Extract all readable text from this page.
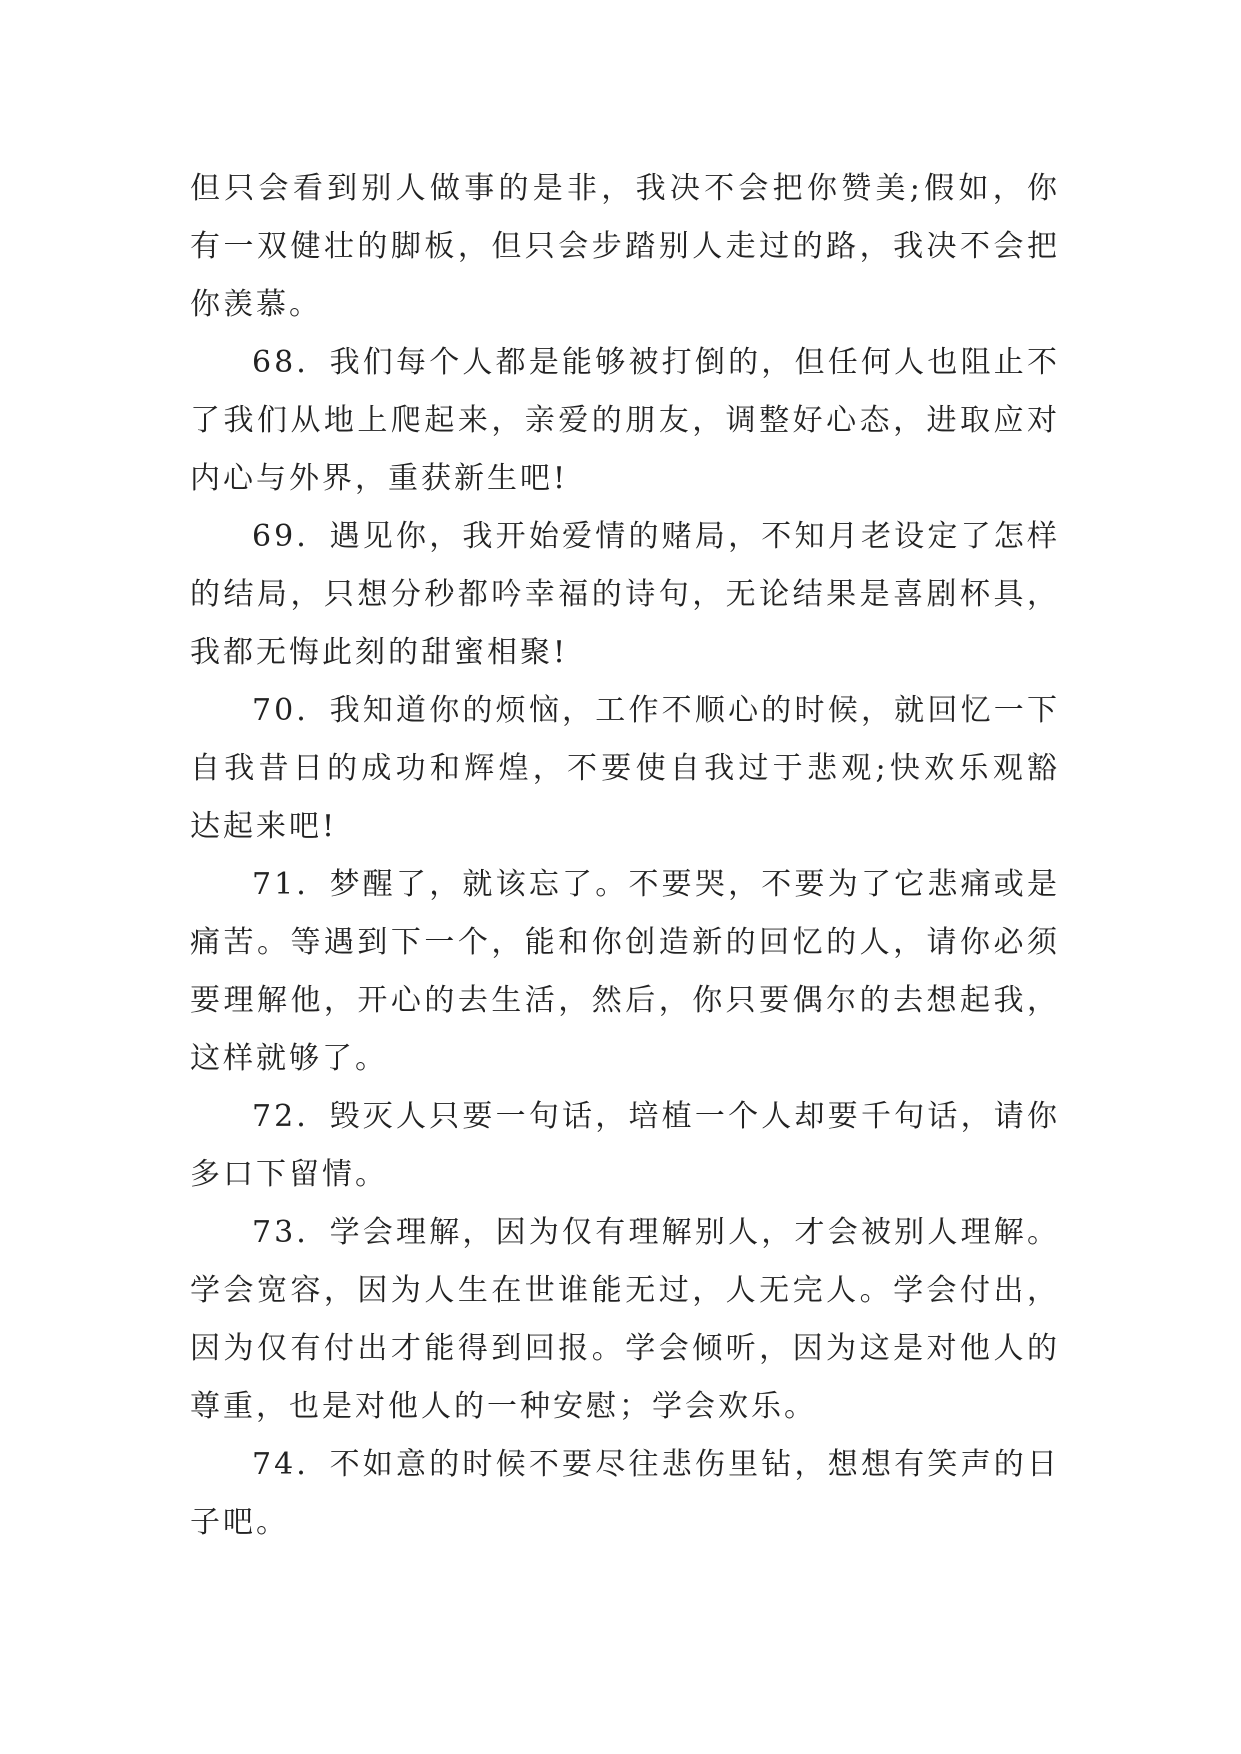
但只会看到别人做事的是非，我决不会把你赞美;假如，你有一双健壮的脚板，但只会步踏别人走过的路，我决不会把你羡慕。

68．我们每个人都是能够被打倒的，但任何人也阻止不了我们从地上爬起来，亲爱的朋友，调整好心态，进取应对内心与外界，重获新生吧!

69．遇见你，我开始爱情的赌局，不知月老设定了怎样的结局，只想分秒都吟幸福的诗句，无论结果是喜剧杯具，我都无悔此刻的甜蜜相聚!

70．我知道你的烦恼，工作不顺心的时候，就回忆一下自我昔日的成功和辉煌，不要使自我过于悲观;快欢乐观豁达起来吧!

71．梦醒了，就该忘了。不要哭，不要为了它悲痛或是痛苦。等遇到下一个，能和你创造新的回忆的人，请你必须要理解他，开心的去生活，然后，你只要偶尔的去想起我，这样就够了。

72．毁灭人只要一句话，培植一个人却要千句话，请你多口下留情。

73．学会理解，因为仅有理解别人，才会被别人理解。学会宽容，因为人生在世谁能无过，人无完人。学会付出，因为仅有付出才能得到回报。学会倾听，因为这是对他人的尊重，也是对他人的一种安慰；学会欢乐。

74．不如意的时候不要尽往悲伤里钻，想想有笑声的日子吧。
